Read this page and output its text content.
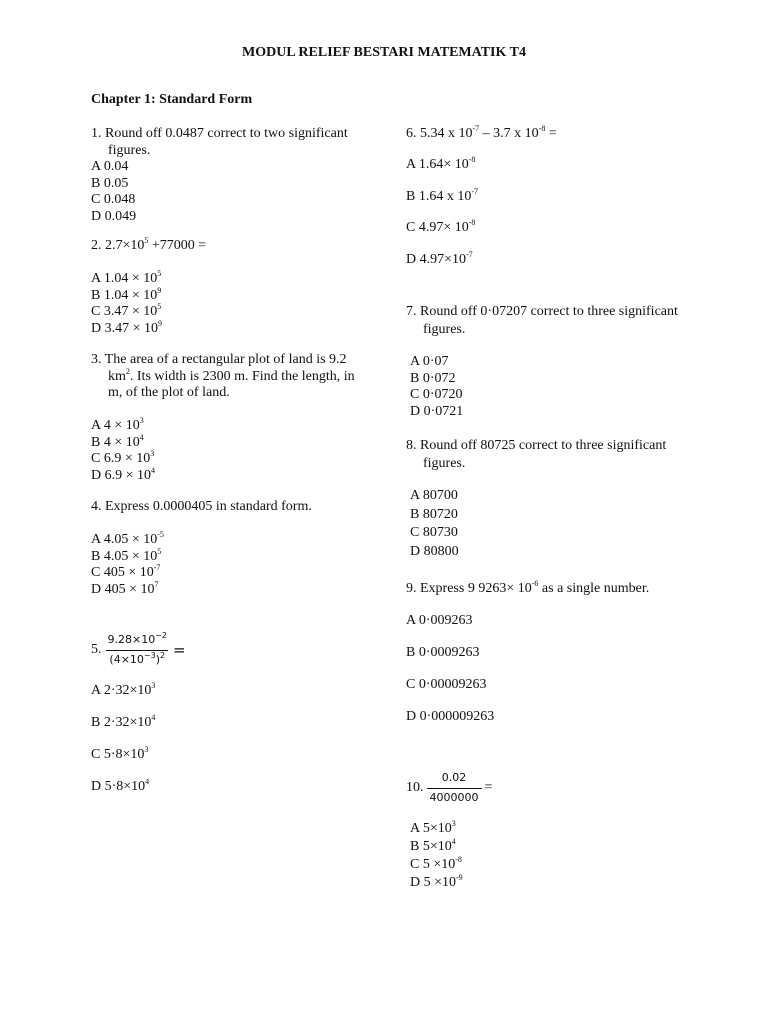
MODUL RELIEF BESTARI MATEMATIK T4
Chapter 1: Standard Form
1. Round off 0.0487 correct to two significant
figures.
A 0.04
B 0.05
C 0.048
D 0.049
2. $2.7\times 10^5 +77000$ =
A $1.04 \times 10^5$
B $1.04 \times 10^9$
C $3.47 \times 10^5$
D $3.47 \times 10^9$
3. The area of a rectangular plot of land is 9.2
$km^2$. Its width is 2300 m. Find the length, in
m, of the plot of land.
A $4 \times 10^3$
B $4 \times 10^4$
C $6.9 \times 10^3$
D $6.9 \times 10^4$
4. Express 0.0000405 in standard form.
A $4.05 \times 10^{-5}$
B $4.05 \times 10^5$
C $405 \times 10^{-7}$
D $405 \times 10^7$
5. $\frac{9.28\times 10^{-2}}{(4\times 10^{-3})^2}$ =
A $2\cdot 32\times 10^3$
B $2\cdot 32\times 10^4$
C $5\cdot 8\times 10^3$
D $5\cdot 8\times 10^4$
6. 5.34 x $10^{-7} - 3.7$ x $10^{-8}$ =
A $1.64\times 10^{-8}$
B 1.64 x $10^{-7}$
C $4.97\times 10^{-8}$
D $4.97\times 10^{-7}$
7. Round off 0·07207 correct to three significant
figures.
A 0·07
B 0·072
C 0·0720
D 0·0721
8. Round off 80725 correct to three significant
figures.
A 80700
B 80720
C 80730
D 80800
9. Express 9 $9263\times 10^{-6}$ as a single number.
A 0·009263
B 0·0009263
C 0·00009263
D 0·000009263
10. $\frac{0.02}{4000000}$ =
A $5\times 10^3$
B $5\times 10^4$
C $5 \times 10^{-8}$
D $5 \times 10^{-9}$
